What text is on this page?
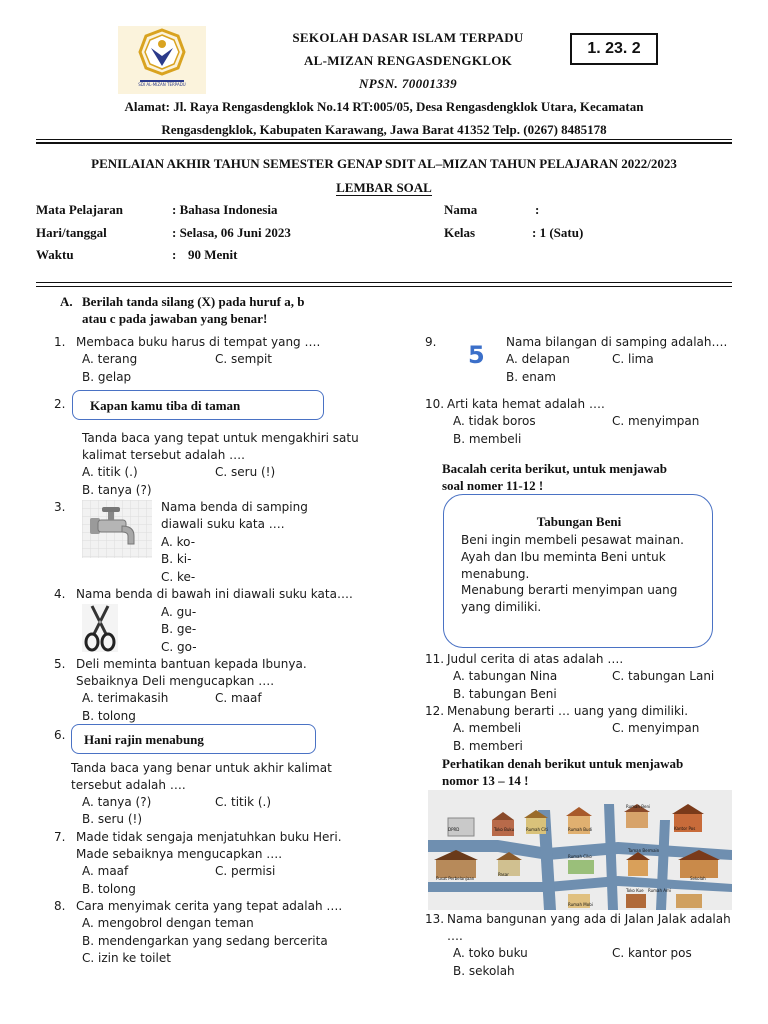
SDI AL-MIZAN TERPADU
SEKOLAH DASAR ISLAM TERPADU
AL-MIZAN RENGASDENGKLOK
NPSN. 70001339
1. 23. 2
Alamat: Jl. Raya Rengasdengklok No.14 RT:005/05, Desa Rengasdengklok Utara, Kecamatan
Rengasdengklok, Kabupaten Karawang, Jawa Barat 41352 Telp. (0267) 8485178
PENILAIAN AKHIR TAHUN SEMESTER GENAP SDIT AL–MIZAN TAHUN PELAJARAN 2022/2023
LEMBAR SOAL
Mata Pelajaran	: Bahasa Indonesia
Hari/tanggal	: Selasa, 06 Juni 2023
Waktu	: 90 Menit
Nama	:
Kelas	: 1 (Satu)
A. Berilah tanda silang (X) pada huruf a, b
atau c pada jawaban yang benar!
1. Membaca buku harus di tempat yang ….
A. terang	C. sempit
B. gelap
2. Kapan kamu tiba di taman
Tanda baca yang tepat untuk mengakhiri satu
kalimat tersebut adalah ….
A. titik (.)	C. seru (!)
B. tanya (?)
3.	Nama benda di samping
diawali suku kata ….
A. ko-
B. ki-
C. ke-
4. Nama benda di bawah ini diawali suku kata….
A. gu-
B. ge-
C. go-
5. Deli meminta bantuan kepada Ibunya.
Sebaiknya Deli mengucapkan ….
A. terimakasih	C. maaf
B. tolong
6. Hani rajin menabung
Tanda baca yang benar untuk akhir kalimat
tersebut adalah ….
A. tanya (?)	C. titik (.)
B. seru (!)
7. Made tidak sengaja menjatuhkan buku Heri.
Made sebaiknya mengucapkan ….
A. maaf	C. permisi
B. tolong
8. Cara menyimak cerita yang tepat adalah ….
A. mengobrol dengan teman
B. mendengarkan yang sedang bercerita
C. izin ke toilet
9. 5 Nama bilangan di samping adalah….
A. delapan	C. lima
B. enam
10. Arti kata hemat adalah ….
A. tidak boros	C. menyimpan
B. membeli
Bacalah cerita berikut, untuk menjawab
soal nomer 11-12 !
Tabungan Beni
Beni ingin membeli pesawat mainan.
Ayah dan Ibu meminta Beni untuk
menabung.
Menabung berarti menyimpan uang
yang dimiliki.
11. Judul cerita di atas adalah ….
A. tabungan Nina	C. tabungan Lani
B. tabungan Beni
12. Menabung berarti … uang yang dimiliki.
A. membeli	C. menyimpan
B. memberi
Perhatikan denah berikut untuk menjawab
nomor 13 – 14 !
DPRD	Toko Buku	Rumah Citi	Rumah Budi
Rumah Beni
Kantor Pos
Pasar
Rumah Ciko
Taman Bermain
Pusat Perbelanjaan
Toko Kue Rumah Ami
Sekolah
Rumah Mobi
13. Nama bangunan yang ada di Jalan Jalak adalah
….
A. toko buku	C. kantor pos
B. sekolah
